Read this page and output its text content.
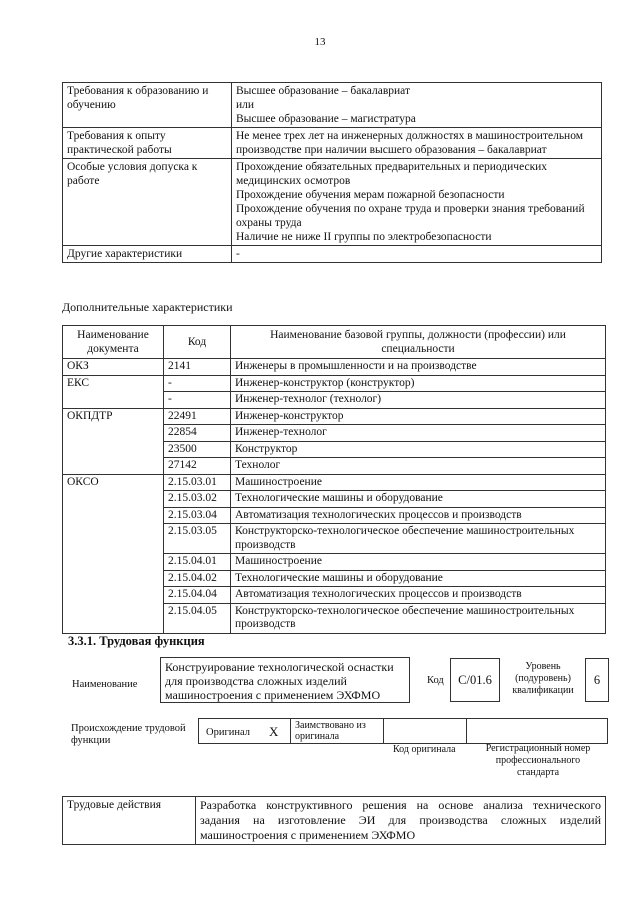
13
Требования к образованию и обучению	Высшее образование – бакалавриат
или
Высшее образование – магистратура

Требования к опыту практической работы	Не менее трех лет на инженерных должностях в машиностроительном производстве при наличии высшего образования – бакалавриат

Особые условия допуска к работе	Прохождение обязательных предварительных и периодических медицинских осмотров
Прохождение обучения мерам пожарной безопасности
Прохождение обучения по охране труда и проверки знания требований охраны труда
Наличие не ниже II группы по электробезопасности

Другие характеристики	-
Дополнительные характеристики
Наименование документа	Код	Наименование базовой группы, должности (профессии) или специальности
ОКЗ	2141	Инженеры в промышленности и на производстве
ЕКС	-	Инженер-конструктор (конструктор)
	-	Инженер-технолог (технолог)
ОКПДТР	22491	Инженер-конструктор
	22854	Инженер-технолог
	23500	Конструктор
	27142	Технолог
ОКСО	2.15.03.01	Машиностроение
	2.15.03.02	Технологические машины и оборудование
	2.15.03.04	Автоматизация технологических процессов и производств
	2.15.03.05	Конструкторско-технологическое обеспечение машиностроительных производств
	2.15.04.01	Машиностроение
	2.15.04.02	Технологические машины и оборудование
	2.15.04.04	Автоматизация технологических процессов и производств
	2.15.04.05	Конструкторско-технологическое обеспечение машиностроительных производств
3.3.1. Трудовая функция
Наименование
Конструирование технологической оснастки для производства сложных изделий машиностроения с применением ЭХФМО
Код	C/01.6
Уровень (подуровень) квалификации
6
Происхождение трудовой функции
Оригинал X Заимствовано из оригинала
Код оригинала	Регистрационный номер профессионального стандарта
Трудовые действия	Разработка конструктивного решения на основе анализа технического задания на изготовление ЭИ для производства сложных изделий машиностроения с применением ЭХФМО
